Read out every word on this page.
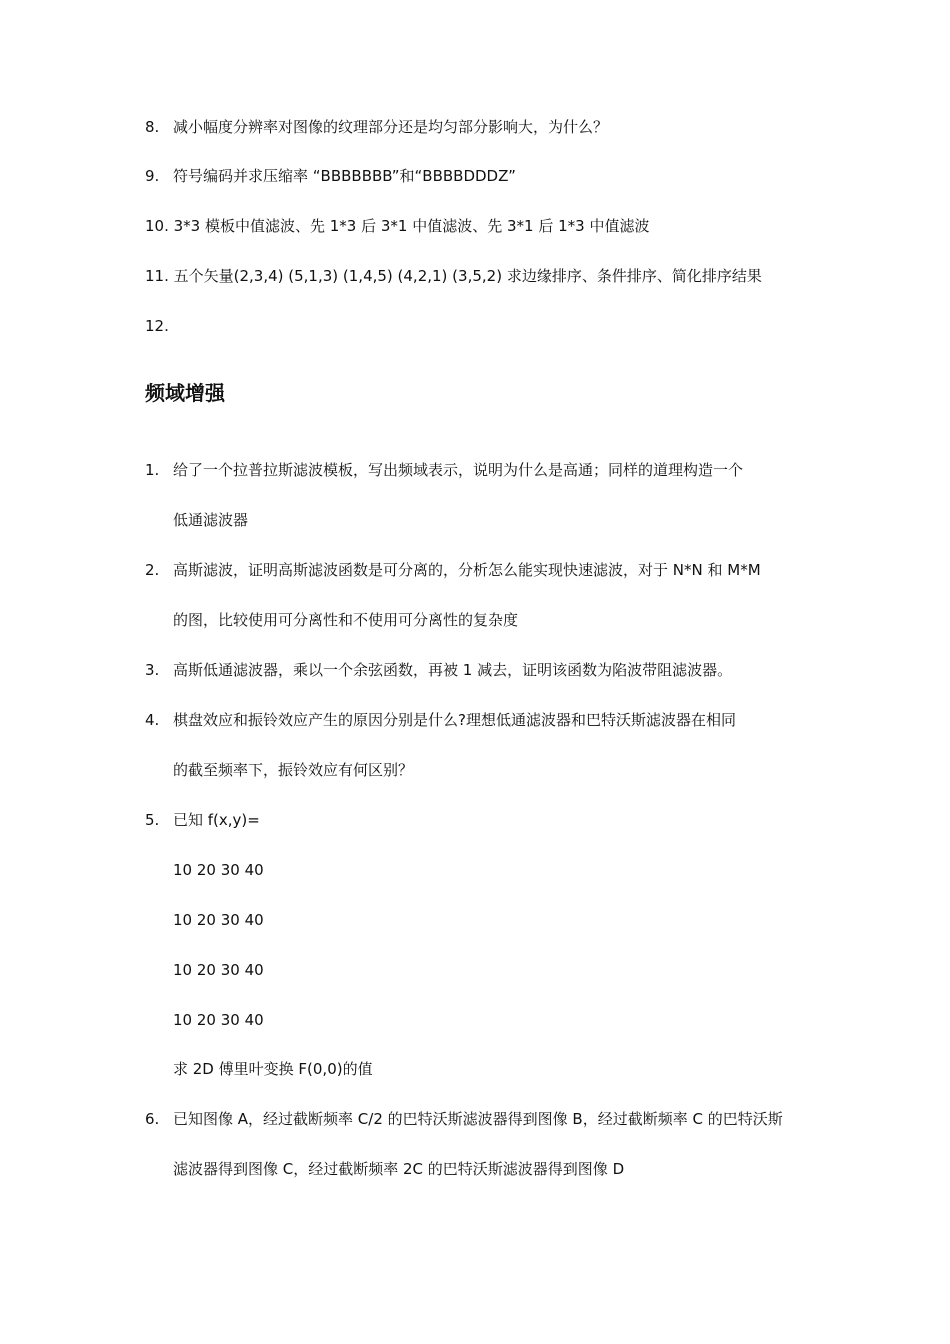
8. 减小幅度分辨率对图像的纹理部分还是均匀部分影响大，为什么？
9. 符号编码并求压缩率 “BBBBBBB”和“BBBBDDDZ”
10. 3*3 模板中值滤波、先 1*3 后 3*1 中值滤波、先 3*1 后 1*3 中值滤波
11. 五个矢量(2,3,4) (5,1,3) (1,4,5) (4,2,1) (3,5,2) 求边缘排序、条件排序、简化排序结果
12.
频域增强
1. 给了一个拉普拉斯滤波模板，写出频域表示，说明为什么是高通；同样的道理构造一个
低通滤波器
2. 高斯滤波，证明高斯滤波函数是可分离的，分析怎么能实现快速滤波，对于 N*N 和 M*M
的图，比较使用可分离性和不使用可分离性的复杂度
3. 高斯低通滤波器，乘以一个余弦函数，再被 1 减去，证明该函数为陷波带阻滤波器。
4. 棋盘效应和振铃效应产生的原因分别是什么?理想低通滤波器和巴特沃斯滤波器在相同
的截至频率下，振铃效应有何区别？
5. 已知 f(x,y)=
10 20 30 40
10 20 30 40
10 20 30 40
10 20 30 40
求 2D 傅里叶变换 F(0,0)的值
6. 已知图像 A，经过截断频率 C/2 的巴特沃斯滤波器得到图像 B，经过截断频率 C 的巴特沃斯
滤波器得到图像 C，经过截断频率 2C 的巴特沃斯滤波器得到图像 D
